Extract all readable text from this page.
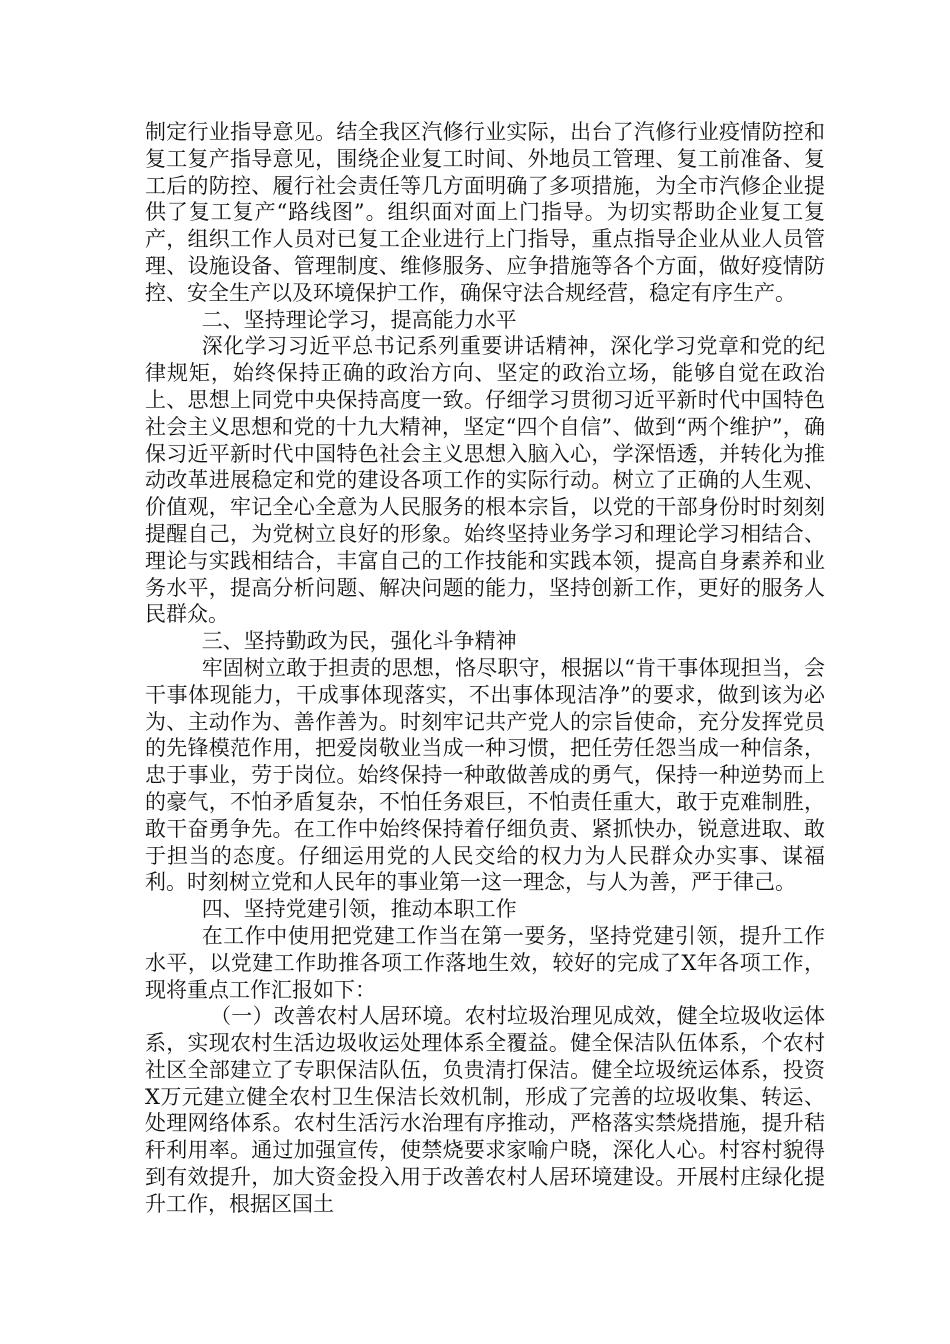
制定行业指导意见。结全我区汽修行业实际，出台了汽修行业疫情防控和复工复产指导意见，围绕企业复工时间、外地员工管理、复工前准备、复工后的防控、履行社会责任等几方面明确了多项措施，为全市汽修企业提供了复工复产“路线图”。组织面对面上门指导。为切实帮助企业复工复产，组织工作人员对已复工企业进行上门指导，重点指导企业从业人员管理、设施设备、管理制度、维修服务、应争措施等各个方面，做好疫情防控、安全生产以及环境保护工作，确保守法合规经营，稳定有序生产。

二、坚持理论学习，提高能力水平

深化学习习近平总书记系列重要讲话精神，深化学习党章和党的纪律规矩，始终保持正确的政治方向、坚定的政治立场，能够自觉在政治上、思想上同党中央保持高度一致。仔细学习贯彻习近平新时代中国特色社会主义思想和党的十九大精神，坚定“四个自信”、做到“两个维护”，确保习近平新时代中国特色社会主义思想入脑入心，学深悟透，并转化为推动改革进展稳定和党的建设各项工作的实际行动。树立了正确的人生观、价值观，牢记全心全意为人民服务的根本宗旨，以党的干部身份时时刻刻提醒自己，为党树立良好的形象。始终坚持业务学习和理论学习相结合、理论与实践相结合，丰富自己的工作技能和实践本领，提高自身素养和业务水平，提高分析问题、解决问题的能力，坚持创新工作，更好的服务人民群众。

三、坚持勤政为民，强化斗争精神

牢固树立敢于担责的思想，恪尽职守，根据以“肯干事体现担当，会干事体现能力，干成事体现落实，不出事体现洁净”的要求，做到该为必为、主动作为、善作善为。时刻牢记共产党人的宗旨使命，充分发挥党员的先锋模范作用，把爱岗敬业当成一种习惯，把任劳任怨当成一种信条，忠于事业，劳于岗位。始终保持一种敢做善成的勇气，保持一种逆势而上的豪气，不怕矛盾复杂，不怕任务艰巨，不怕责任重大，敢于克难制胜，敢干奋勇争先。在工作中始终保持着仔细负责、紧抓快办，锐意进取、敢于担当的态度。仔细运用党的人民交给的权力为人民群众办实事、谋福利。时刻树立党和人民年的事业第一这一理念，与人为善，严于律己。

四、坚持党建引领，推动本职工作

在工作中使用把党建工作当在第一要务，坚持党建引领，提升工作水平，以党建工作助推各项工作落地生效，较好的完成了X年各项工作，现将重点工作汇报如下：

（一）改善农村人居环境。农村垃圾治理见成效，健全垃圾收运体系，实现农村生活边圾收运处理体系全覆益。健全保洁队伍体系，个农村社区全部建立了专职保洁队伍，负贵清打保洁。健全垃圾统运体系，投资X万元建立健全农村卫生保洁长效机制，形成了完善的垃圾收集、转运、处理网络体系。农村生活污水治理有序推动，严格落实禁烧措施，提升秸秆利用率。通过加强宣传，使禁烧要求家喻户晓，深化人心。村容村貌得到有效提升，加大资金投入用于改善农村人居环境建设。开展村庄绿化提升工作，根据区国土
